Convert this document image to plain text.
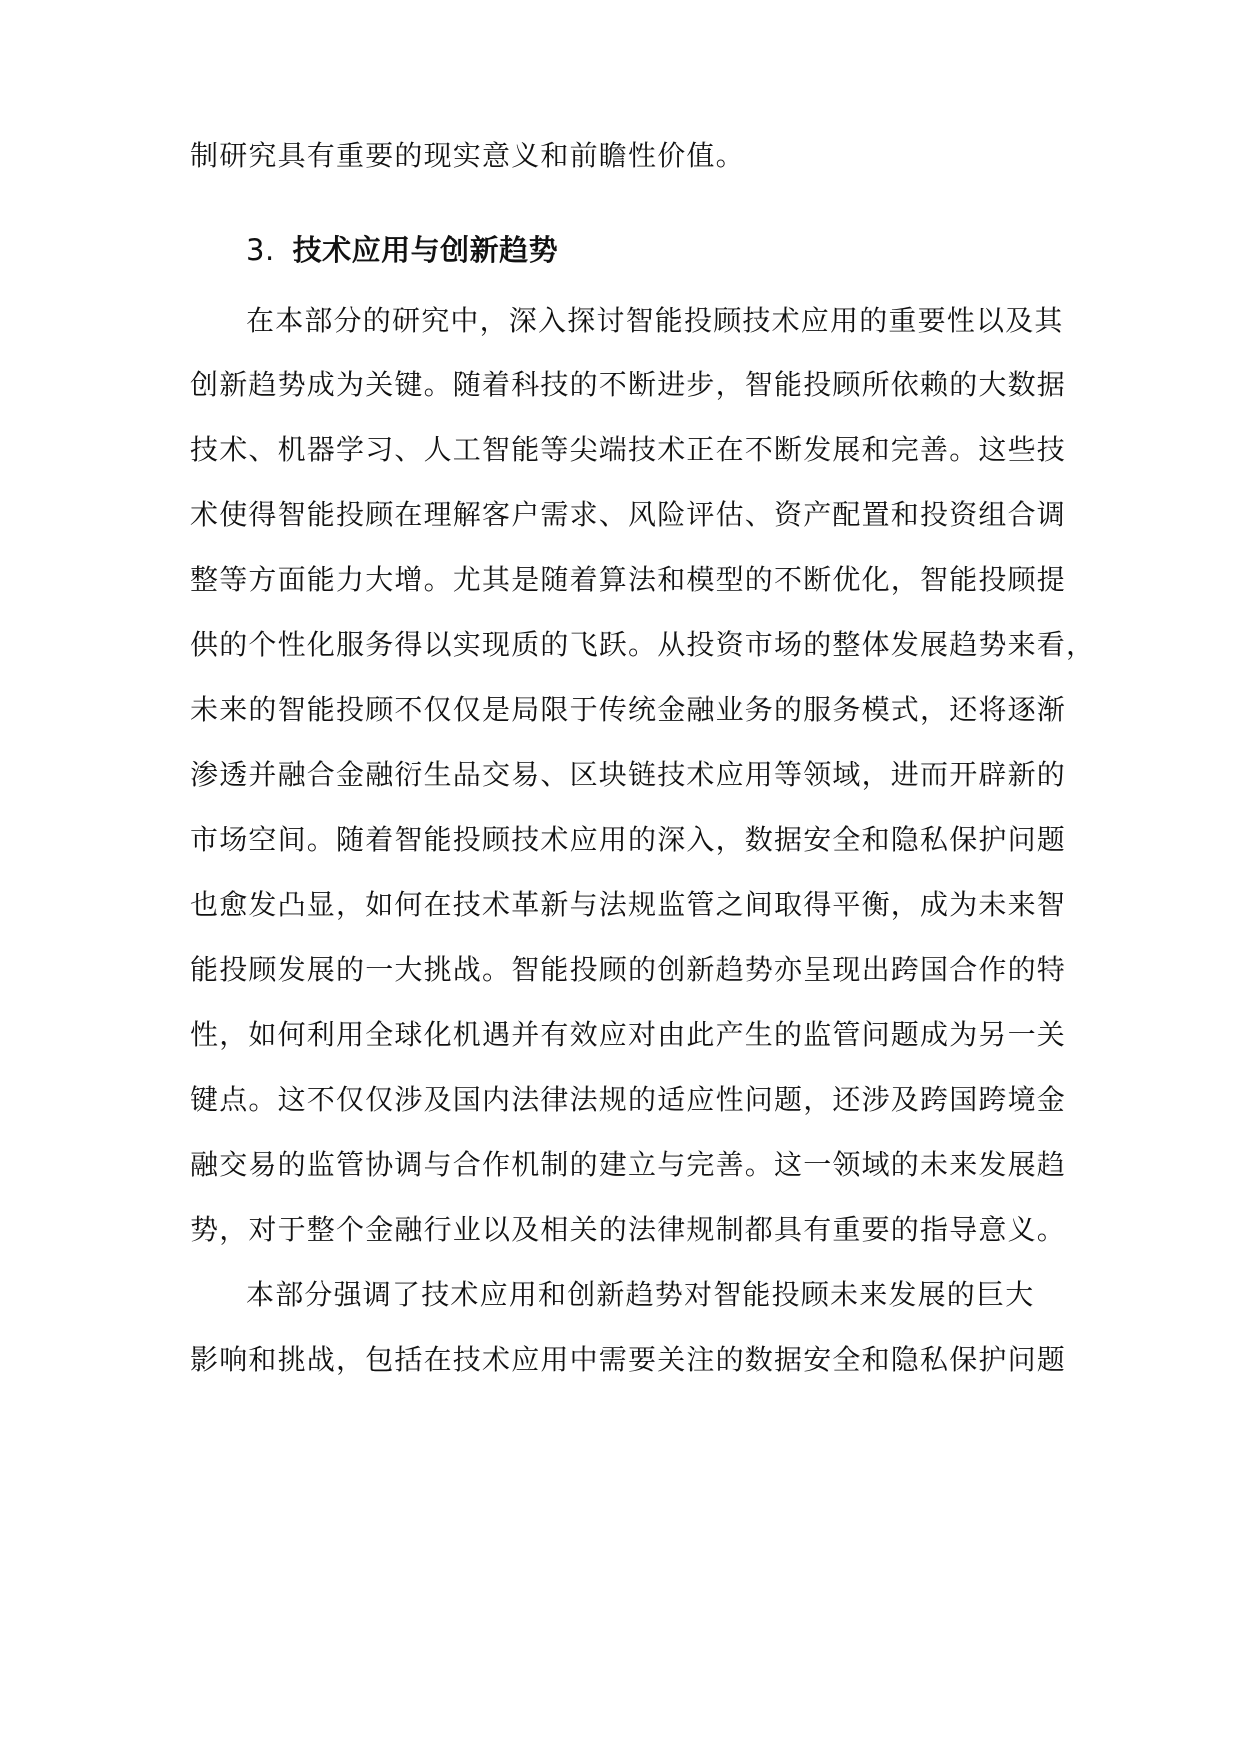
制研究具有重要的现实意义和前瞻性价值。
3. 技术应用与创新趋势
在本部分的研究中，深入探讨智能投顾技术应用的重要性以及其
创新趋势成为关键。随着科技的不断进步，智能投顾所依赖的大数据
技术、机器学习、人工智能等尖端技术正在不断发展和完善。这些技
术使得智能投顾在理解客户需求、风险评估、资产配置和投资组合调
整等方面能力大增。尤其是随着算法和模型的不断优化，智能投顾提
供的个性化服务得以实现质的飞跃。从投资市场的整体发展趋势来看，
未来的智能投顾不仅仅是局限于传统金融业务的服务模式，还将逐渐
渗透并融合金融衍生品交易、区块链技术应用等领域，进而开辟新的
市场空间。随着智能投顾技术应用的深入，数据安全和隐私保护问题
也愈发凸显，如何在技术革新与法规监管之间取得平衡，成为未来智
能投顾发展的一大挑战。智能投顾的创新趋势亦呈现出跨国合作的特
性，如何利用全球化机遇并有效应对由此产生的监管问题成为另一关
键点。这不仅仅涉及国内法律法规的适应性问题，还涉及跨国跨境金
融交易的监管协调与合作机制的建立与完善。这一领域的未来发展趋
势，对于整个金融行业以及相关的法律规制都具有重要的指导意义。
本部分强调了技术应用和创新趋势对智能投顾未来发展的巨大
影响和挑战，包括在技术应用中需要关注的数据安全和隐私保护问题
